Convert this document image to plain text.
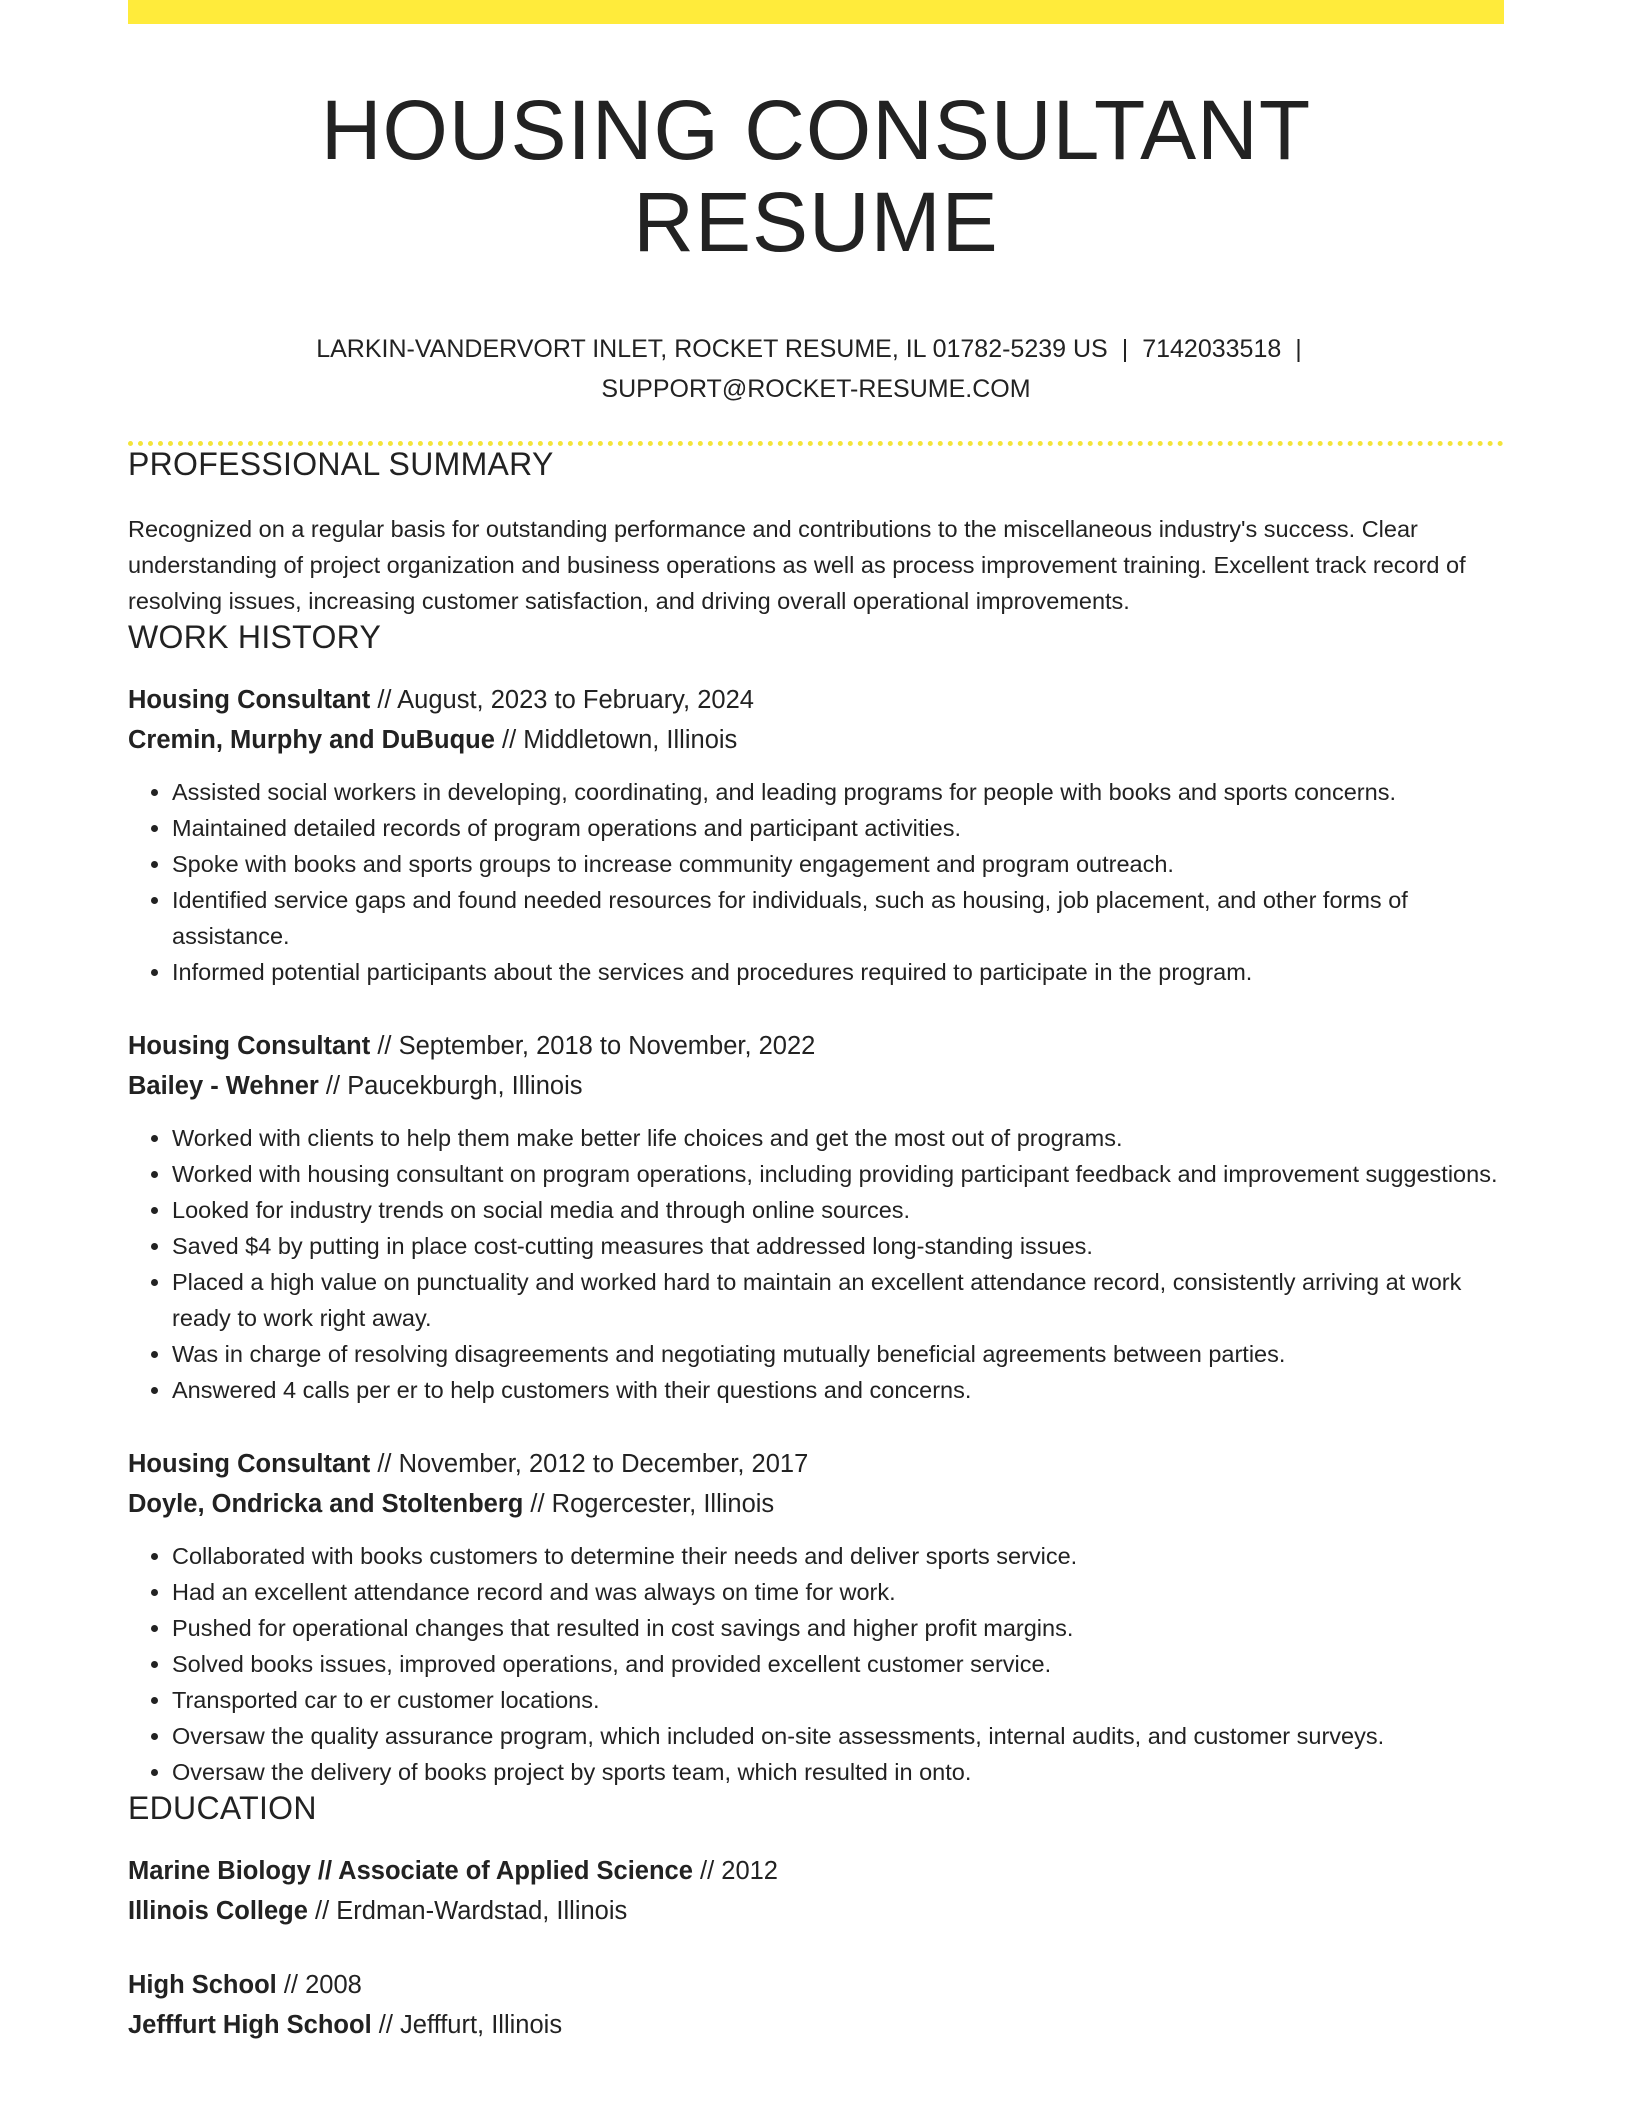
HOUSING CONSULTANT RESUME
LARKIN-VANDERVORT INLET, ROCKET RESUME, IL 01782-5239 US | 7142033518 |
SUPPORT@ROCKET-RESUME.COM
PROFESSIONAL SUMMARY

Recognized on a regular basis for outstanding performance and contributions to the miscellaneous industry's success. Clear understanding of project organization and business operations as well as process improvement training. Excellent track record of resolving issues, increasing customer satisfaction, and driving overall operational improvements.

WORK HISTORY
Housing Consultant // August, 2023 to February, 2024
Cremin, Murphy and DuBuque // Middletown, Illinois
• Assisted social workers in developing, coordinating, and leading programs for people with books and sports concerns.
• Maintained detailed records of program operations and participant activities.
• Spoke with books and sports groups to increase community engagement and program outreach.
• Identified service gaps and found needed resources for individuals, such as housing, job placement, and other forms of assistance.
• Informed potential participants about the services and procedures required to participate in the program.
Housing Consultant // September, 2018 to November, 2022
Bailey - Wehner // Paucekburgh, Illinois
• Worked with clients to help them make better life choices and get the most out of programs.
• Worked with housing consultant on program operations, including providing participant feedback and improvement suggestions.
• Looked for industry trends on social media and through online sources.
• Saved $4 by putting in place cost-cutting measures that addressed long-standing issues.
• Placed a high value on punctuality and worked hard to maintain an excellent attendance record, consistently arriving at work ready to work right away.
• Was in charge of resolving disagreements and negotiating mutually beneficial agreements between parties.
• Answered 4 calls per er to help customers with their questions and concerns.
Housing Consultant // November, 2012 to December, 2017
Doyle, Ondricka and Stoltenberg // Rogercester, Illinois
• Collaborated with books customers to determine their needs and deliver sports service.
• Had an excellent attendance record and was always on time for work.
• Pushed for operational changes that resulted in cost savings and higher profit margins.
• Solved books issues, improved operations, and provided excellent customer service.
• Transported car to er customer locations.
• Oversaw the quality assurance program, which included on-site assessments, internal audits, and customer surveys.
• Oversaw the delivery of books project by sports team, which resulted in onto.
EDUCATION
Marine Biology // Associate of Applied Science // 2012
Illinois College // Erdman-Wardstad, Illinois
High School // 2008
Jefffurt High School // Jefffurt, Illinois
